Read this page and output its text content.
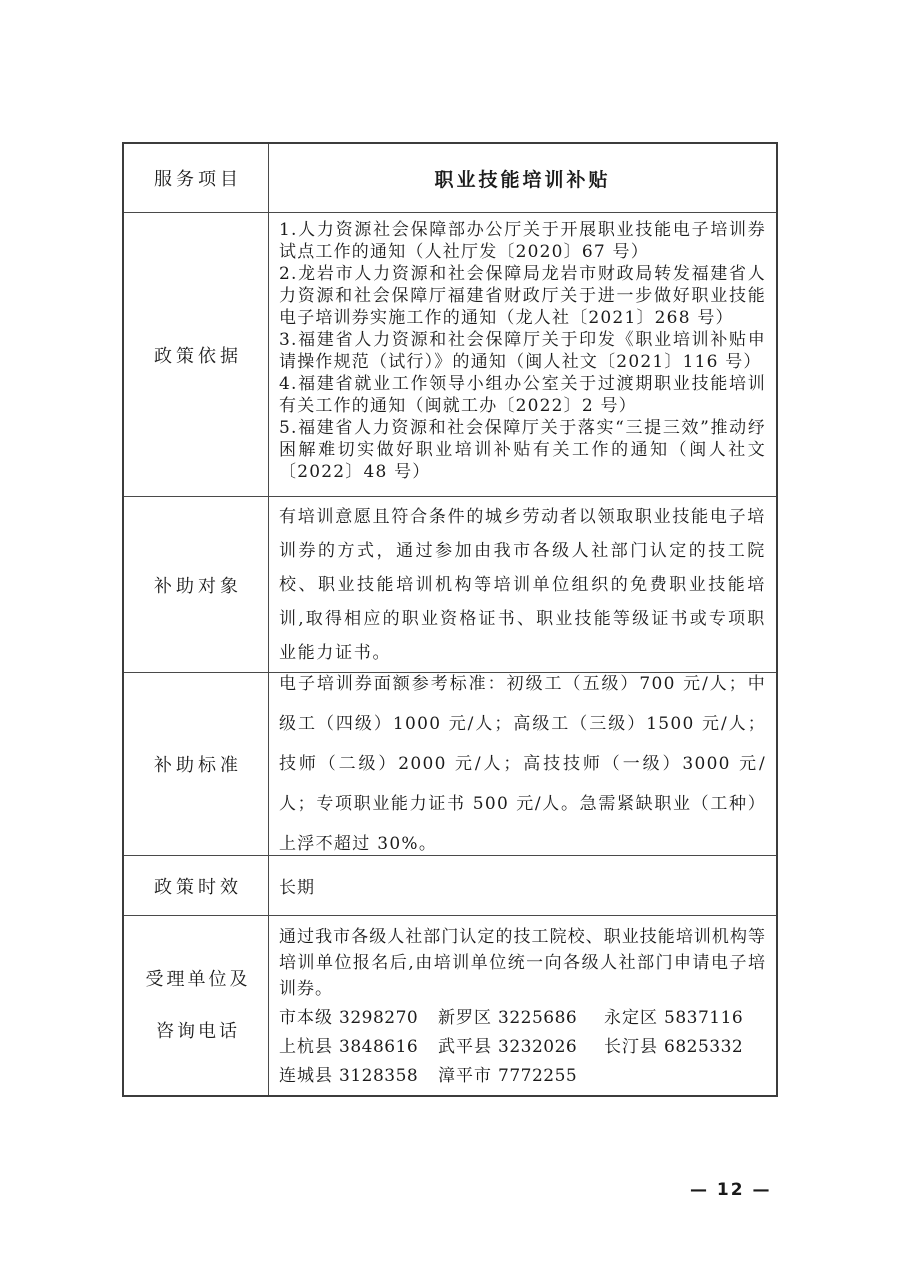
服务项目	职业技能培训补贴
政策依据

1.人力资源社会保障部办公厅关于开展职业技能电子培训券试点工作的通知（人社厅发〔2020〕67 号）

2.龙岩市人力资源和社会保障局龙岩市财政局转发福建省人力资源和社会保障厅福建省财政厅关于进一步做好职业技能电子培训券实施工作的通知（龙人社〔2021〕268 号）

3.福建省人力资源和社会保障厅关于印发《职业培训补贴申请操作规范（试行）》的通知（闽人社文〔2021〕116 号）

4.福建省就业工作领导小组办公室关于过渡期职业技能培训有关工作的通知（闽就工办〔2022〕2 号）

5.福建省人力资源和社会保障厅关于落实“三提三效”推动纾困解难切实做好职业培训补贴有关工作的通知（闽人社文〔2022〕48 号）

补助对象
有培训意愿且符合条件的城乡劳动者以领取职业技能电子培训券的方式，通过参加由我市各级人社部门认定的技工院校、职业技能培训机构等培训单位组织的免费职业技能培训,取得相应的职业资格证书、职业技能等级证书或专项职业能力证书。
补助标准
电子培训券面额参考标准：初级工（五级）700 元/人；中级工（四级）1000 元/人；高级工（三级）1500 元/人；技师（二级）2000 元/人；高技技师（一级）3000 元/人；专项职业能力证书 500 元/人。急需紧缺职业（工种）上浮不超过 30%。
政策时效	长期
受理单位及
咨询电话

通过我市各级人社部门认定的技工院校、职业技能培训机构等培训单位报名后,由培训单位统一向各级人社部门申请电子培训券。

市本级 3298270 新罗区 3225686 永定区 5837116
上杭县 3848616 武平县 3232026 长汀县 6825332
连城县 3128358 漳平市 7772255
— 12 —
